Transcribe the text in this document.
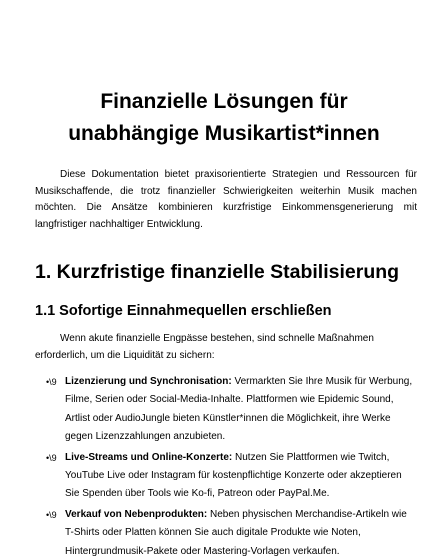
Finanzielle Lösungen für
unabhängige Musikartist*innen

Diese Dokumentation bietet praxisorientierte Strategien und Ressourcen für Musikschaffende, die trotz finanzieller Schwierigkeiten weiterhin Musik machen möchten. Die Ansätze kombinieren kurzfristige Einkommensgenerierung mit langfristiger nachhaltiger Entwicklung.

1. Kurzfristige finanzielle Stabilisierung
1.1 Sofortige Einnahmequellen erschließen

Wenn akute finanzielle Engpässe bestehen, sind schnelle Maßnahmen erforderlich, um die Liquidität zu sichern:

•\9 Lizenzierung und Synchronisation: Vermarkten Sie Ihre Musik für Werbung, Filme, Serien oder Social-Media-Inhalte. Plattformen wie Epidemic Sound, Artlist oder AudioJungle bieten Künstler*innen die Möglichkeit, ihre Werke gegen Lizenzzahlungen anzubieten.
•\9 Live-Streams und Online-Konzerte: Nutzen Sie Plattformen wie Twitch, YouTube Live oder Instagram für kostenpflichtige Konzerte oder akzeptieren Sie Spenden über Tools wie Ko-fi, Patreon oder PayPal.Me.
•\9 Verkauf von Nebenprodukten: Neben physischen Merchandise-Artikeln wie T-Shirts oder Platten können Sie auch digitale Produkte wie Noten, Hintergrundmusik-Pakete oder Mastering-Vorlagen verkaufen.
